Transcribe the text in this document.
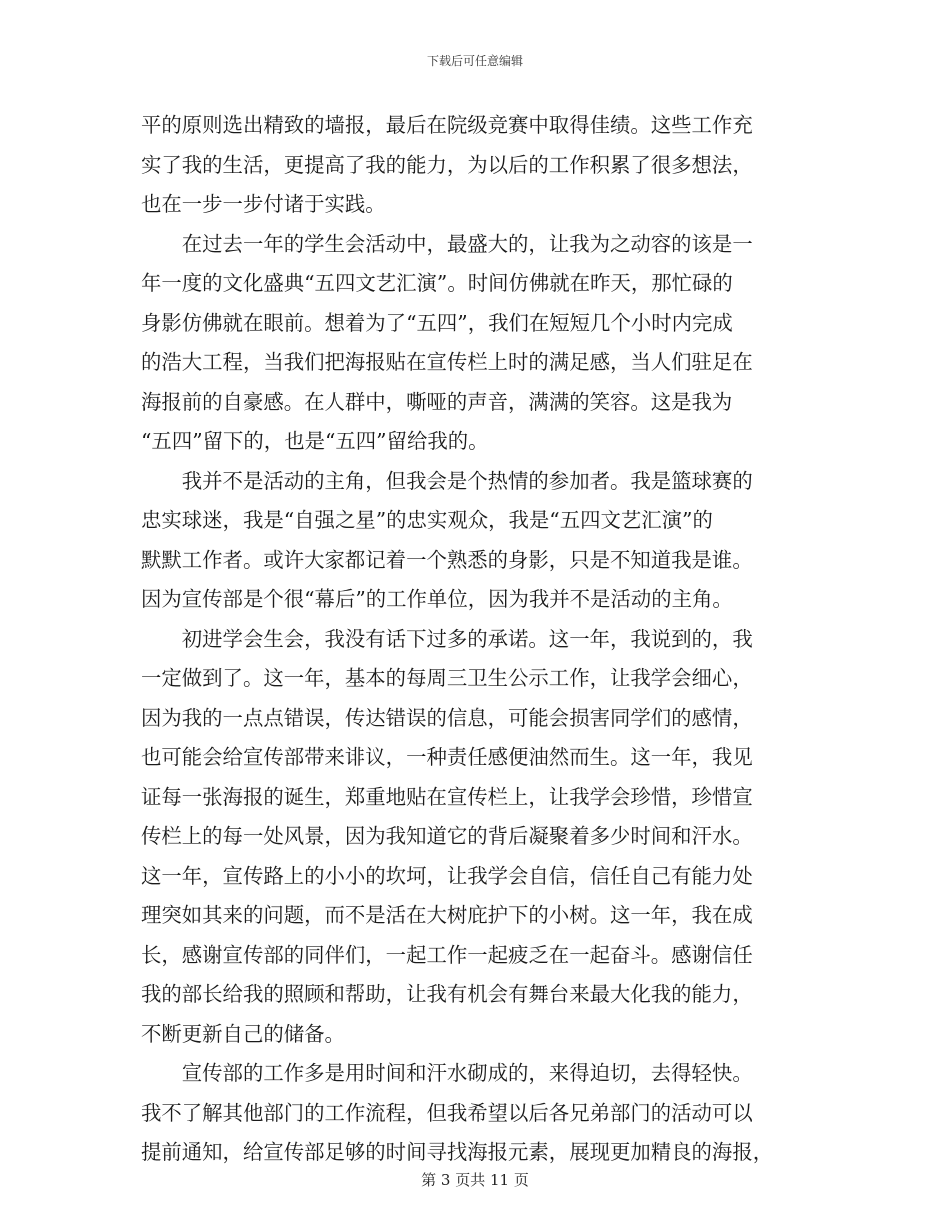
下载后可任意编辑
平的原则选出精致的墙报，最后在院级竞赛中取得佳绩。这些工作充
实了我的生活，更提高了我的能力，为以后的工作积累了很多想法，
也在一步一步付诸于实践。
　　在过去一年的学生会活动中，最盛大的，让我为之动容的该是一
年一度的文化盛典“五四文艺汇演”。时间仿佛就在昨天，那忙碌的
身影仿佛就在眼前。想着为了“五四”，我们在短短几个小时内完成
的浩大工程，当我们把海报贴在宣传栏上时的满足感，当人们驻足在
海报前的自豪感。在人群中，嘶哑的声音，满满的笑容。这是我为
“五四”留下的，也是“五四”留给我的。
　　我并不是活动的主角，但我会是个热情的参加者。我是篮球赛的
忠实球迷，我是“自强之星”的忠实观众，我是“五四文艺汇演”的
默默工作者。或许大家都记着一个熟悉的身影，只是不知道我是谁。
因为宣传部是个很“幕后”的工作单位，因为我并不是活动的主角。
　　初进学会生会，我没有话下过多的承诺。这一年，我说到的，我
一定做到了。这一年，基本的每周三卫生公示工作，让我学会细心，
因为我的一点点错误，传达错误的信息，可能会损害同学们的感情，
也可能会给宣传部带来诽议，一种责任感便油然而生。这一年，我见
证每一张海报的诞生，郑重地贴在宣传栏上，让我学会珍惜，珍惜宣
传栏上的每一处风景，因为我知道它的背后凝聚着多少时间和汗水。
这一年，宣传路上的小小的坎坷，让我学会自信，信任自己有能力处
理突如其来的问题，而不是活在大树庇护下的小树。这一年，我在成
长，感谢宣传部的同伴们，一起工作一起疲乏在一起奋斗。感谢信任
我的部长给我的照顾和帮助，让我有机会有舞台来最大化我的能力，
不断更新自己的储备。
　　宣传部的工作多是用时间和汗水砌成的，来得迫切，去得轻快。
我不了解其他部门的工作流程，但我希望以后各兄弟部门的活动可以
提前通知，给宣传部足够的时间寻找海报元素，展现更加精良的海报，
第 3 页共 11 页
